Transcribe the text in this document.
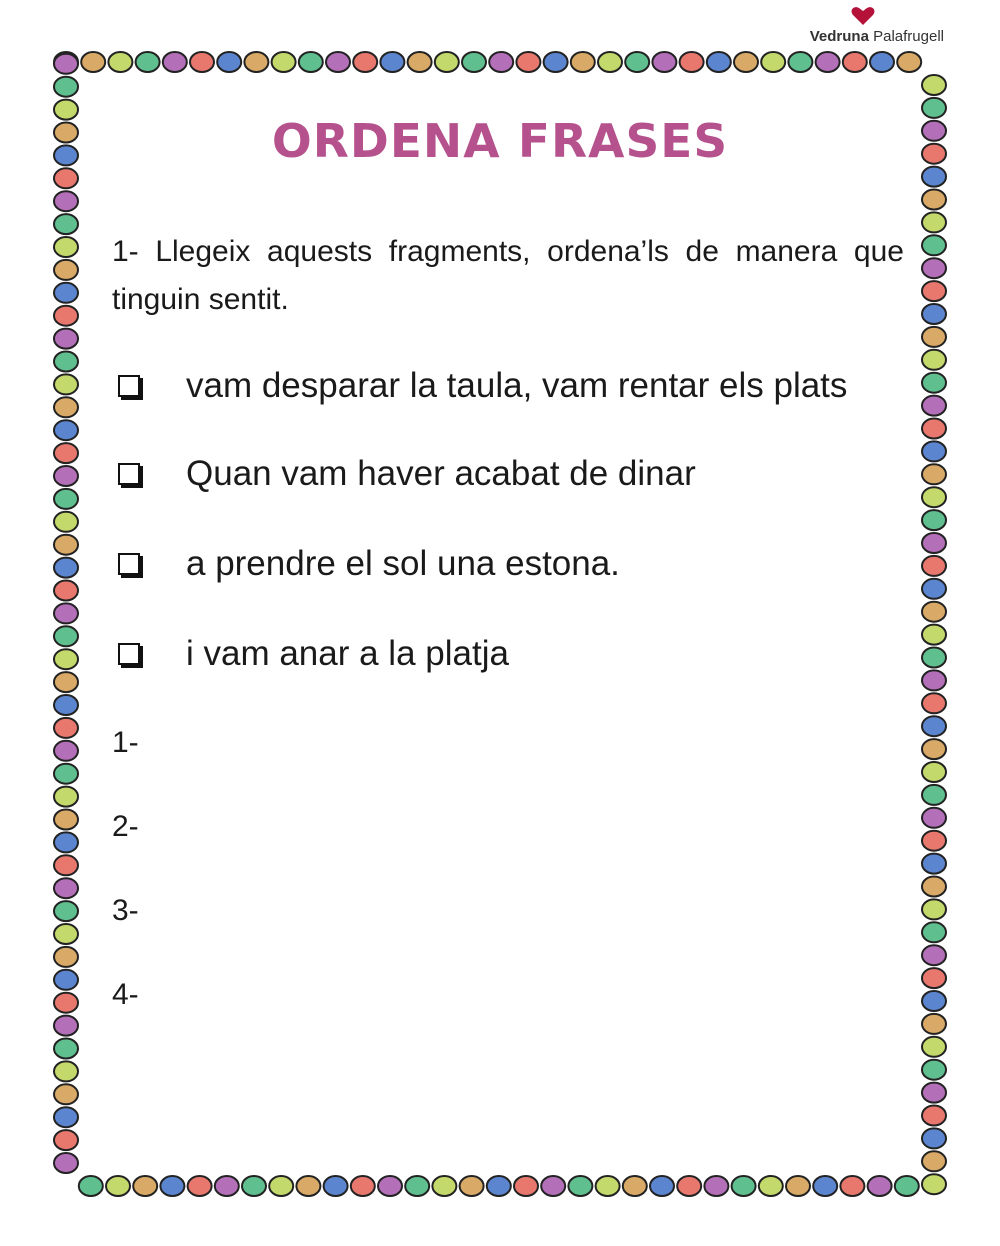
Vedruna Palafrugell
ORDENA FRASES
1- Llegeix aquests fragments, ordena’ls de manera que tinguin sentit.
vam desparar la taula, vam rentar els plats
Quan vam haver acabat de dinar
a prendre el sol una estona.
i vam anar a la platja
1-
2-
3-
4-
